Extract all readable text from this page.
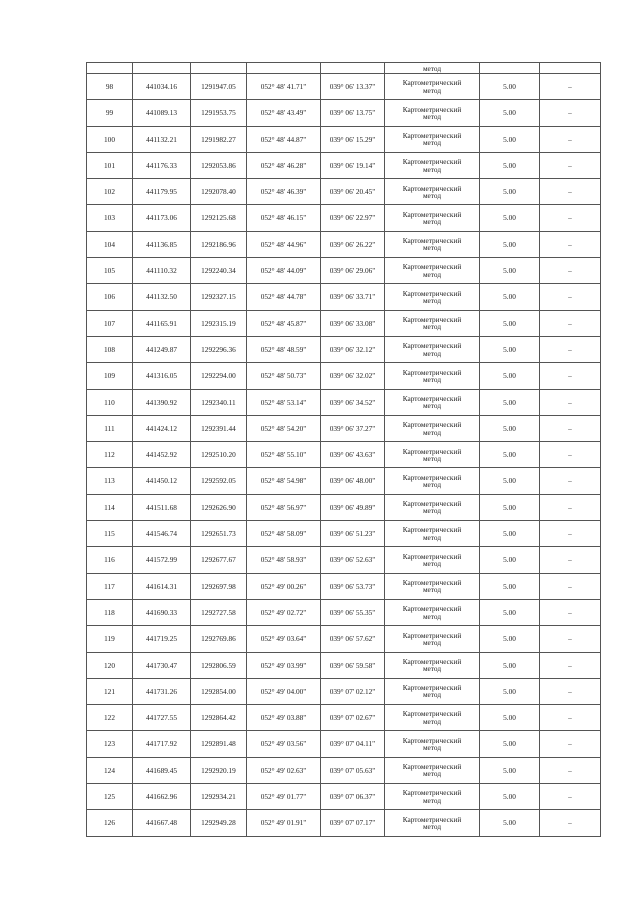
					метод		
98	441034.16	1291947.05	052° 48' 41.71"	039° 06' 13.37"	Картометрический
метод	5.00	–
99	441089.13	1291953.75	052° 48' 43.49"	039° 06' 13.75"	Картометрический
метод	5.00	–
100	441132.21	1291982.27	052° 48' 44.87"	039° 06' 15.29"	Картометрический
метод	5.00	–
101	441176.33	1292053.86	052° 48' 46.28"	039° 06' 19.14"	Картометрический
метод	5.00	–
102	441179.95	1292078.40	052° 48' 46.39"	039° 06' 20.45"	Картометрический
метод	5.00	–
103	441173.06	1292125.68	052° 48' 46.15"	039° 06' 22.97"	Картометрический
метод	5.00	–
104	441136.85	1292186.96	052° 48' 44.96"	039° 06' 26.22"	Картометрический
метод	5.00	–
105	441110.32	1292240.34	052° 48' 44.09"	039° 06' 29.06"	Картометрический
метод	5.00	–
106	441132.50	1292327.15	052° 48' 44.78"	039° 06' 33.71"	Картометрический
метод	5.00	–
107	441165.91	1292315.19	052° 48' 45.87"	039° 06' 33.08"	Картометрический
метод	5.00	–
108	441249.87	1292296.36	052° 48' 48.59"	039° 06' 32.12"	Картометрический
метод	5.00	–
109	441316.05	1292294.00	052° 48' 50.73"	039° 06' 32.02"	Картометрический
метод	5.00	–
110	441390.92	1292340.11	052° 48' 53.14"	039° 06' 34.52"	Картометрический
метод	5.00	–
111	441424.12	1292391.44	052° 48' 54.20"	039° 06' 37.27"	Картометрический
метод	5.00	–
112	441452.92	1292510.20	052° 48' 55.10"	039° 06' 43.63"	Картометрический
метод	5.00	–
113	441450.12	1292592.05	052° 48' 54.98"	039° 06' 48.00"	Картометрический
метод	5.00	–
114	441511.68	1292626.90	052° 48' 56.97"	039° 06' 49.89"	Картометрический
метод	5.00	–
115	441546.74	1292651.73	052° 48' 58.09"	039° 06' 51.23"	Картометрический
метод	5.00	–
116	441572.99	1292677.67	052° 48' 58.93"	039° 06' 52.63"	Картометрический
метод	5.00	–
117	441614.31	1292697.98	052° 49' 00.26"	039° 06' 53.73"	Картометрический
метод	5.00	–
118	441690.33	1292727.58	052° 49' 02.72"	039° 06' 55.35"	Картометрический
метод	5.00	–
119	441719.25	1292769.86	052° 49' 03.64"	039° 06' 57.62"	Картометрический
метод	5.00	–
120	441730.47	1292806.59	052° 49' 03.99"	039° 06' 59.58"	Картометрический
метод	5.00	–
121	441731.26	1292854.00	052° 49' 04.00"	039° 07' 02.12"	Картометрический
метод	5.00	–
122	441727.55	1292864.42	052° 49' 03.88"	039° 07' 02.67"	Картометрический
метод	5.00	–
123	441717.92	1292891.48	052° 49' 03.56"	039° 07' 04.11"	Картометрический
метод	5.00	–
124	441689.45	1292920.19	052° 49' 02.63"	039° 07' 05.63"	Картометрический
метод	5.00	–
125	441662.96	1292934.21	052° 49' 01.77"	039° 07' 06.37"	Картометрический
метод	5.00	–
126	441667.48	1292949.28	052° 49' 01.91"	039° 07' 07.17"	Картометрический
метод	5.00	–
